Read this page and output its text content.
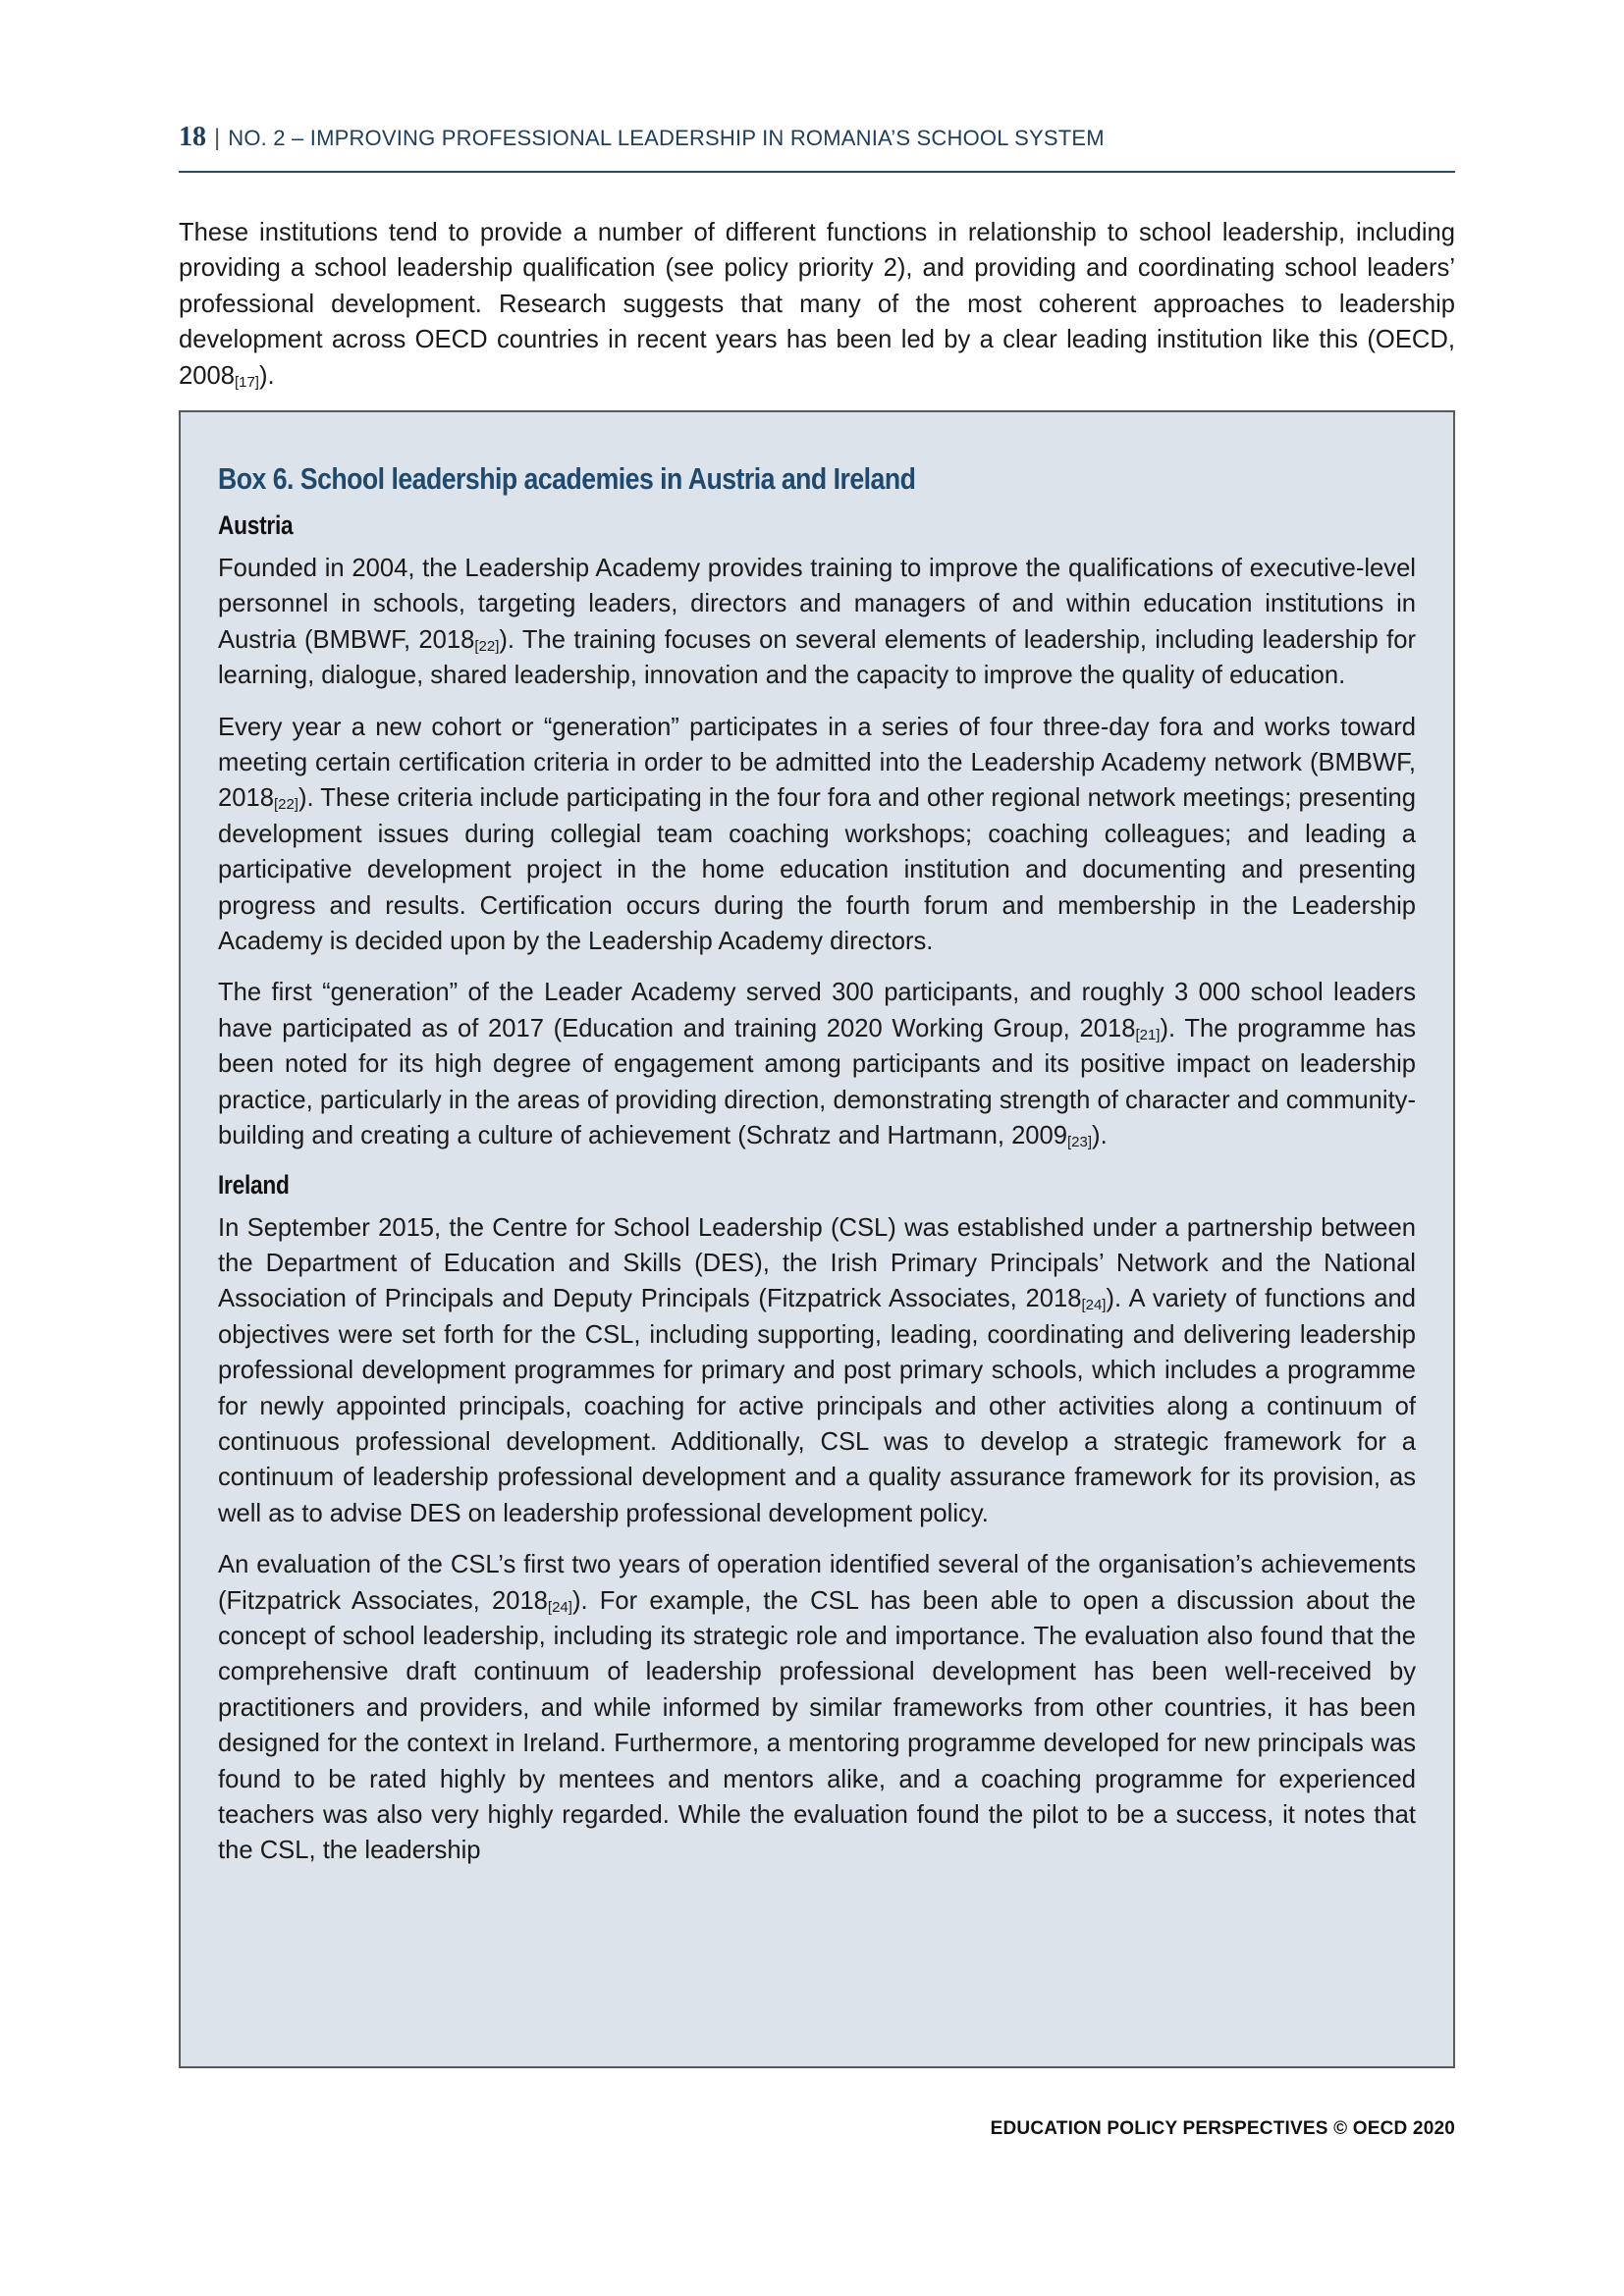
18 | NO. 2 – IMPROVING PROFESSIONAL LEADERSHIP IN ROMANIA’S SCHOOL SYSTEM
These institutions tend to provide a number of different functions in relationship to school leadership, including providing a school leadership qualification (see policy priority 2), and providing and coordinating school leaders’ professional development. Research suggests that many of the most coherent approaches to leadership development across OECD countries in recent years has been led by a clear leading institution like this (OECD, $2008_{[17]}$).
Box 6. School leadership academies in Austria and Ireland
Austria

Founded in 2004, the Leadership Academy provides training to improve the qualifications of executive-level personnel in schools, targeting leaders, directors and managers of and within education institutions in Austria (BMBWF, $2018_{[22]}$). The training focuses on several elements of leadership, including leadership for learning, dialogue, shared leadership, innovation and the capacity to improve the quality of education.

Every year a new cohort or “generation” participates in a series of four three-day fora and works toward meeting certain certification criteria in order to be admitted into the Leadership Academy network (BMBWF, $2018_{[22]}$). These criteria include participating in the four fora and other regional network meetings; presenting development issues during collegial team coaching workshops; coaching colleagues; and leading a participative development project in the home education institution and documenting and presenting progress and results. Certification occurs during the fourth forum and membership in the Leadership Academy is decided upon by the Leadership Academy directors.

The first “generation” of the Leader Academy served 300 participants, and roughly 3 000 school leaders have participated as of 2017 (Education and training 2020 Working Group, $2018_{[21]}$). The programme has been noted for its high degree of engagement among participants and its positive impact on leadership practice, particularly in the areas of providing direction, demonstrating strength of character and community-building and creating a culture of achievement (Schratz and Hartmann, $2009_{[23]}$).

Ireland

In September 2015, the Centre for School Leadership (CSL) was established under a partnership between the Department of Education and Skills (DES), the Irish Primary Principals’ Network and the National Association of Principals and Deputy Principals (Fitzpatrick Associates, $2018_{[24]}$). A variety of functions and objectives were set forth for the CSL, including supporting, leading, coordinating and delivering leadership professional development programmes for primary and post primary schools, which includes a programme for newly appointed principals, coaching for active principals and other activities along a continuum of continuous professional development. Additionally, CSL was to develop a strategic framework for a continuum of leadership professional development and a quality assurance framework for its provision, as well as to advise DES on leadership professional development policy.

An evaluation of the CSL’s first two years of operation identified several of the organisation’s achievements (Fitzpatrick Associates, $2018_{[24]}$). For example, the CSL has been able to open a discussion about the concept of school leadership, including its strategic role and importance. The evaluation also found that the comprehensive draft continuum of leadership professional development has been well-received by practitioners and providers, and while informed by similar frameworks from other countries, it has been designed for the context in Ireland. Furthermore, a mentoring programme developed for new principals was found to be rated highly by mentees and mentors alike, and a coaching programme for experienced teachers was also very highly regarded. While the evaluation found the pilot to be a success, it notes that the CSL, the leadership

EDUCATION POLICY PERSPECTIVES © OECD 2020
